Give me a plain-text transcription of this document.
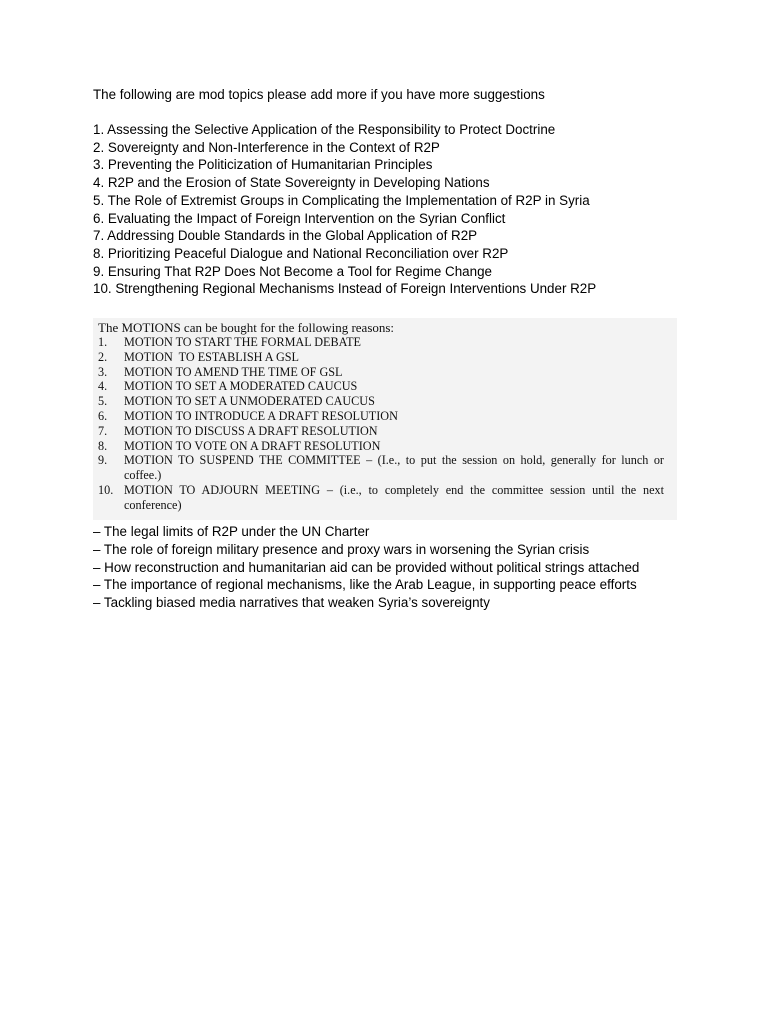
The following are mod topics please add more if you have more suggestions
1. Assessing the Selective Application of the Responsibility to Protect Doctrine
2. Sovereignty and Non-Interference in the Context of R2P
3. Preventing the Politicization of Humanitarian Principles
4. R2P and the Erosion of State Sovereignty in Developing Nations
5. The Role of Extremist Groups in Complicating the Implementation of R2P in Syria
6. Evaluating the Impact of Foreign Intervention on the Syrian Conflict
7. Addressing Double Standards in the Global Application of R2P
8. Prioritizing Peaceful Dialogue and National Reconciliation over R2P
9. Ensuring That R2P Does Not Become a Tool for Regime Change
10. Strengthening Regional Mechanisms Instead of Foreign Interventions Under R2P
The MOTIONS can be bought for the following reasons:
1.	MOTION TO START THE FORMAL DEBATE
2.	MOTION  TO ESTABLISH A GSL
3.	MOTION TO AMEND THE TIME OF GSL
4.	MOTION TO SET A MODERATED CAUCUS
5.	MOTION TO SET A UNMODERATED CAUCUS
6.	MOTION TO INTRODUCE A DRAFT RESOLUTION
7.	MOTION TO DISCUSS A DRAFT RESOLUTION
8.	MOTION TO VOTE ON A DRAFT RESOLUTION
9.	MOTION TO SUSPEND THE COMMITTEE – (I.e., to put the session on hold, generally for lunch or coffee.)
10. MOTION TO ADJOURN MEETING – (i.e., to completely end the committee session until the next conference)
– The legal limits of R2P under the UN Charter
– The role of foreign military presence and proxy wars in worsening the Syrian crisis
– How reconstruction and humanitarian aid can be provided without political strings attached
– The importance of regional mechanisms, like the Arab League, in supporting peace efforts
– Tackling biased media narratives that weaken Syria’s sovereignty
